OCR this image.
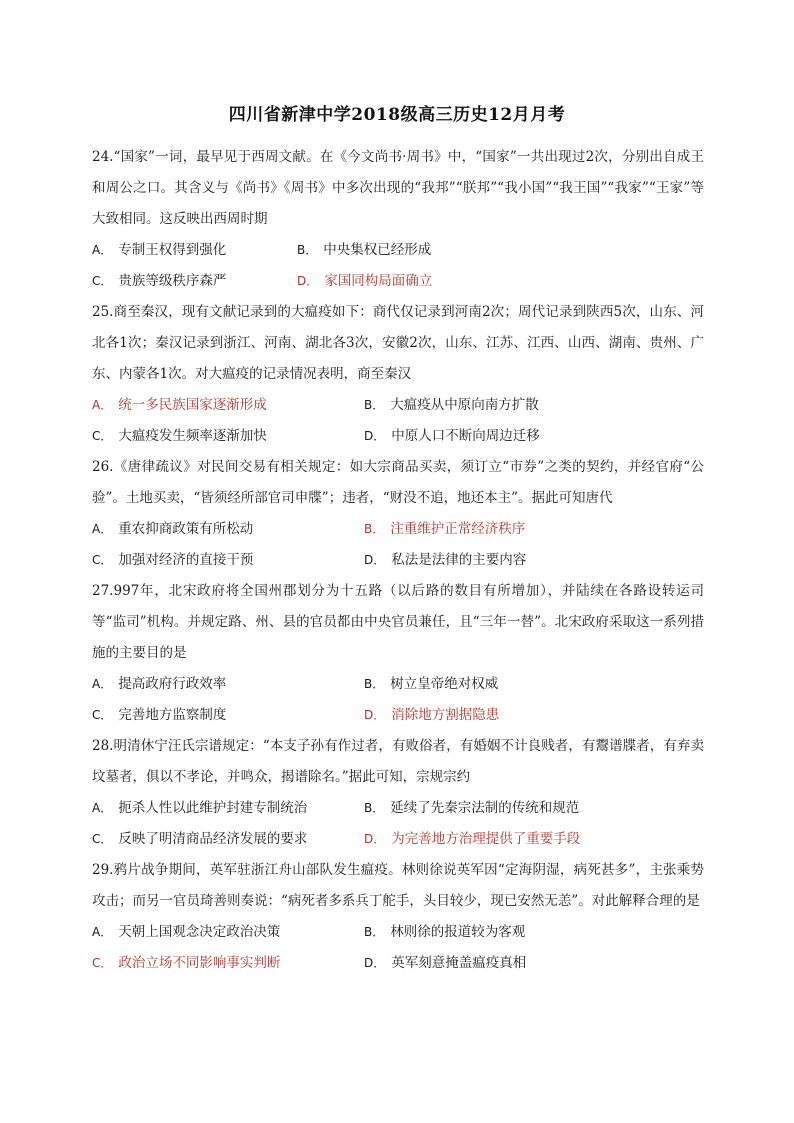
四川省新津中学2018级高三历史12月月考

24.“国家”一词，最早见于西周文献。在《今文尚书·周书》中，“国家”一共出现过2次，分别出自成王和周公之口。其含义与《尚书》《周书》中多次出现的“我邦”“朕邦”“我小国”“我王国”“我家”“王家”等大致相同。这反映出西周时期

A． 专制王权得到强化	B． 中央集权已经形成
C． 贵族等级秩序森严	D． 家国同构局面确立

25.商至秦汉，现有文献记录到的大瘟疫如下：商代仅记录到河南2次；周代记录到陕西5次，山东、河北各1次；秦汉记录到浙江、河南、湖北各3次，安徽2次，山东、江苏、江西、山西、湖南、贵州、广东、内蒙各1次。对大瘟疫的记录情况表明，商至秦汉

A． 统一多民族国家逐渐形成	B． 大瘟疫从中原向南方扩散
C． 大瘟疫发生频率逐渐加快	D． 中原人口不断向周边迁移

26.《唐律疏议》对民间交易有相关规定：如大宗商品买卖，须订立“市券”之类的契约，并经官府“公验”。土地买卖，“皆须经所部官司申牒”；违者，“财没不追，地还本主”。据此可知唐代

A． 重农抑商政策有所松动	B． 注重维护正常经济秩序
C． 加强对经济的直接干预	D． 私法是法律的主要内容

27.997年，北宋政府将全国州郡划分为十五路（以后路的数目有所增加），并陆续在各路设转运司等“监司”机构。并规定路、州、县的官员都由中央官员兼任，且“三年一替”。北宋政府采取这一系列措施的主要目的是

A． 提高政府行政效率	B． 树立皇帝绝对权威
C． 完善地方监察制度	D． 消除地方割据隐患

28.明清休宁汪氏宗谱规定：“本支子孙有作过者，有败俗者，有婚姻不计良贱者，有鬻谱牒者，有弃卖坟墓者，俱以不孝论，并鸣众，揭谱除名。”据此可知，宗规宗约

A． 扼杀人性以此维护封建专制统治	B． 延续了先秦宗法制的传统和规范
C． 反映了明清商品经济发展的要求	D． 为完善地方治理提供了重要手段

29.鸦片战争期间，英军驻浙江舟山部队发生瘟疫。林则徐说英军因“定海阴湿，病死甚多”，主张乘势攻击；而另一官员琦善则奏说：“病死者多系兵丁舵手，头目较少，现已安然无恙”。对此解释合理的是

A． 天朝上国观念决定政治决策	B． 林则徐的报道较为客观
C． 政治立场不同影响事实判断	D． 英军刻意掩盖瘟疫真相
